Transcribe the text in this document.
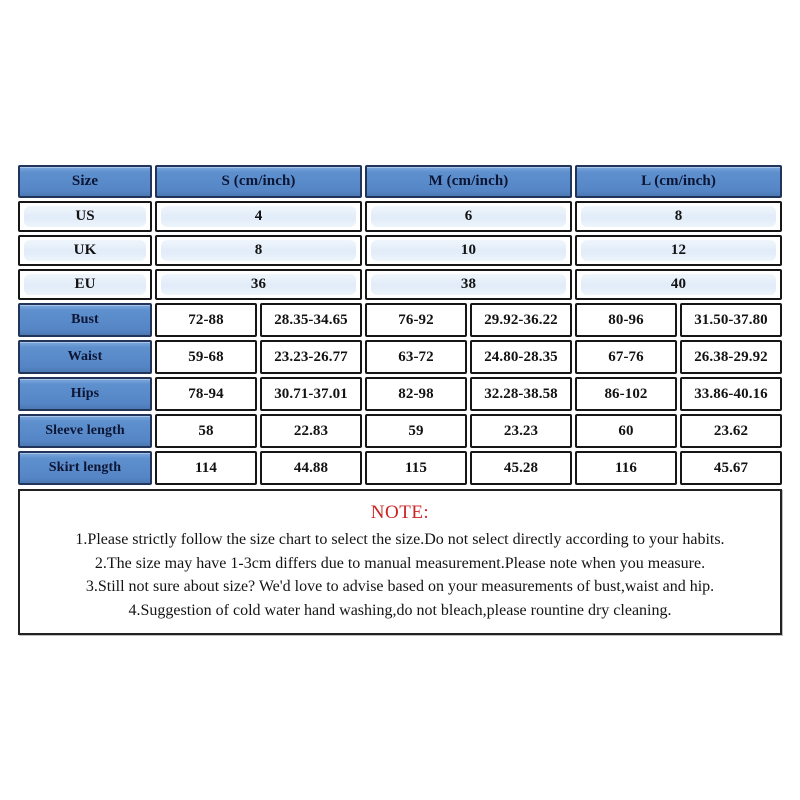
Size	S (cm/inch)	M (cm/inch)	L (cm/inch)
US	4	6	8
UK	8	10	12
EU	36	38	40
Bust	72-88	28.35-34.65	76-92	29.92-36.22	80-96	31.50-37.80
Waist	59-68	23.23-26.77	63-72	24.80-28.35	67-76	26.38-29.92
Hips	78-94	30.71-37.01	82-98	32.28-38.58	86-102	33.86-40.16
Sleeve length	58	22.83	59	23.23	60	23.62
Skirt length	114	44.88	115	45.28	116	45.67
NOTE:
1.Please strictly follow the size chart to select the size.Do not select directly according to your habits.
2.The size may have 1-3cm differs due to manual measurement.Please note when you measure.
3.Still not sure about size? We'd love to advise based on your measurements of bust,waist and hip.
4.Suggestion of cold water hand washing,do not bleach,please rountine dry cleaning.
